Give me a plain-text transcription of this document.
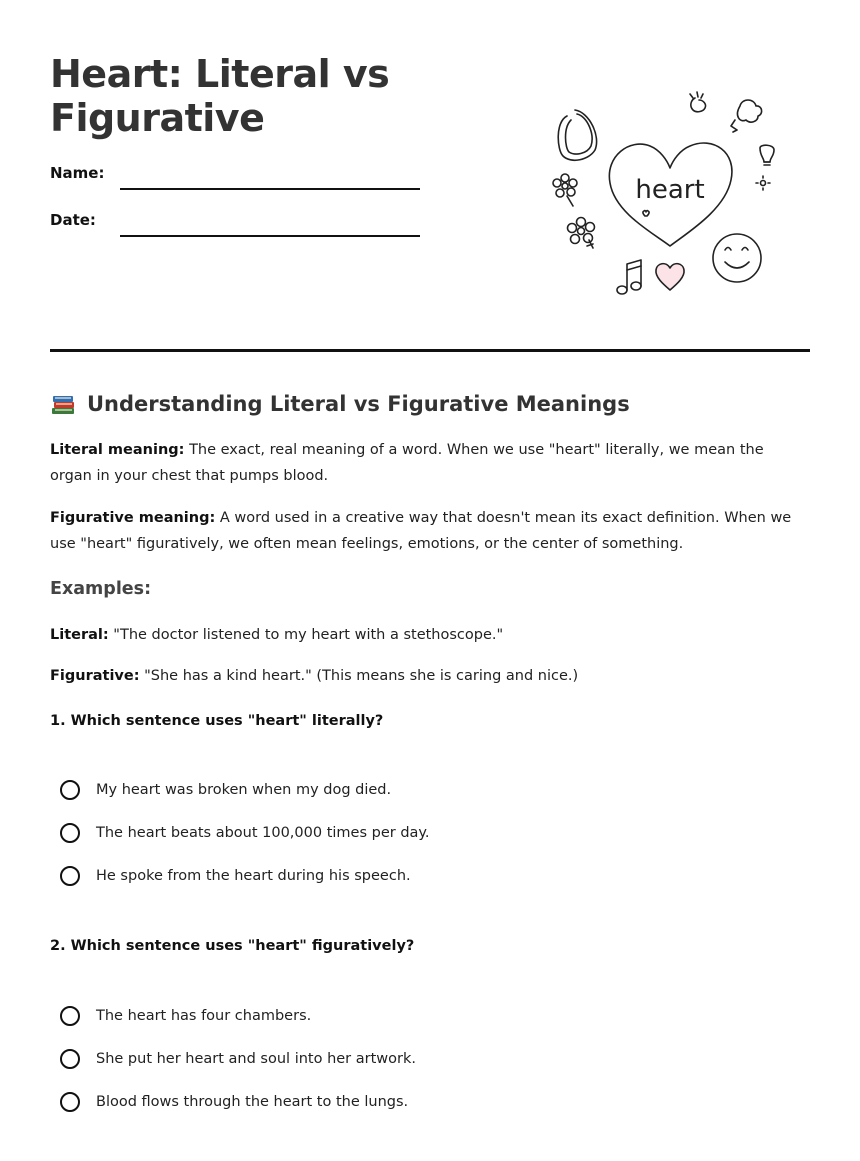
Heart: Literal vs Figurative
Name:
Date:
heart
Understanding Literal vs Figurative Meanings

Literal meaning: The exact, real meaning of a word. When we use "heart" literally, we mean the organ in your chest that pumps blood.

Figurative meaning: A word used in a creative way that doesn't mean its exact definition. When we use "heart" figuratively, we often mean feelings, emotions, or the center of something.

Examples:

Literal: "The doctor listened to my heart with a stethoscope."

Figurative: "She has a kind heart." (This means she is caring and nice.)

1. Which sentence uses "heart" literally?

My heart was broken when my dog died.
The heart beats about 100,000 times per day.
He spoke from the heart during his speech.

2. Which sentence uses "heart" figuratively?

The heart has four chambers.
She put her heart and soul into her artwork.
Blood flows through the heart to the lungs.
